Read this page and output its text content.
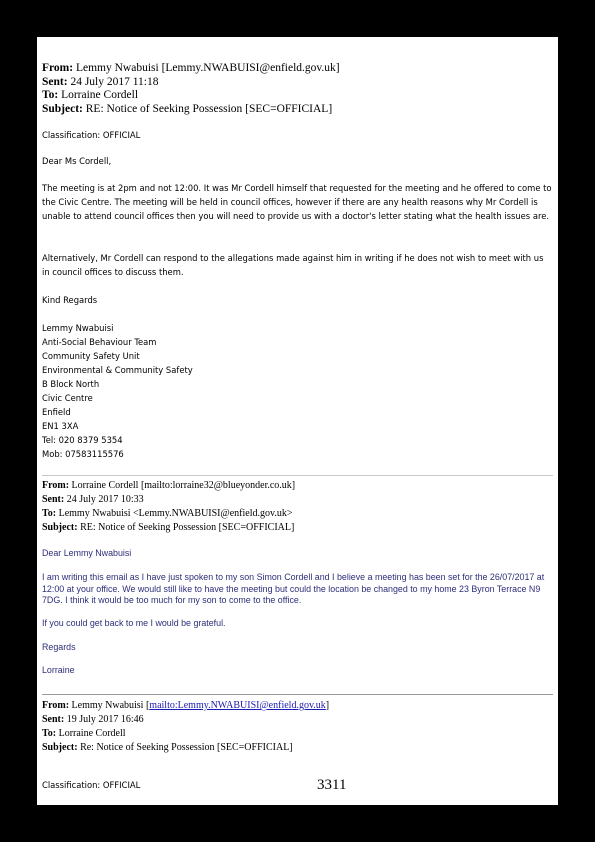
From: Lemmy Nwabuisi [Lemmy.NWABUISI@enfield.gov.uk]
Sent: 24 July 2017 11:18
To: Lorraine Cordell
Subject: RE: Notice of Seeking Possession [SEC=OFFICIAL]
Classification: OFFICIAL
Dear Ms Cordell,
The meeting is at 2pm and not 12:00. It was Mr Cordell himself that requested for the meeting and he offered to come to the Civic Centre. The meeting will be held in council offices, however if there are any health reasons why Mr Cordell is unable to attend council offices then you will need to provide us with a doctor's letter stating what the health issues are.
Alternatively, Mr Cordell can respond to the allegations made against him in writing if he does not wish to meet with us in council offices to discuss them.
Kind Regards
Lemmy Nwabuisi
Anti-Social Behaviour Team
Community Safety Unit
Environmental & Community Safety
B Block North
Civic Centre
Enfield
EN1 3XA
Tel: 020 8379 5354
Mob: 07583115576
From: Lorraine Cordell [mailto:lorraine32@blueyonder.co.uk]
Sent: 24 July 2017 10:33
To: Lemmy Nwabuisi <Lemmy.NWABUISI@enfield.gov.uk>
Subject: RE: Notice of Seeking Possession [SEC=OFFICIAL]
Dear Lemmy Nwabuisi
I am writing this email as I have just spoken to my son Simon Cordell and I believe a meeting has been set for the 26/07/2017 at 12:00 at your office. We would still like to have the meeting but could the location be changed to my home 23 Byron Terrace N9 7DG. I think it would be too much for my son to come to the office.
If you could get back to me I would be grateful.
Regards
Lorraine
From: Lemmy Nwabuisi [mailto:Lemmy.NWABUISI@enfield.gov.uk]
Sent: 19 July 2017 16:46
To: Lorraine Cordell
Subject: Re: Notice of Seeking Possession [SEC=OFFICIAL]
Classification: OFFICIAL	3311
